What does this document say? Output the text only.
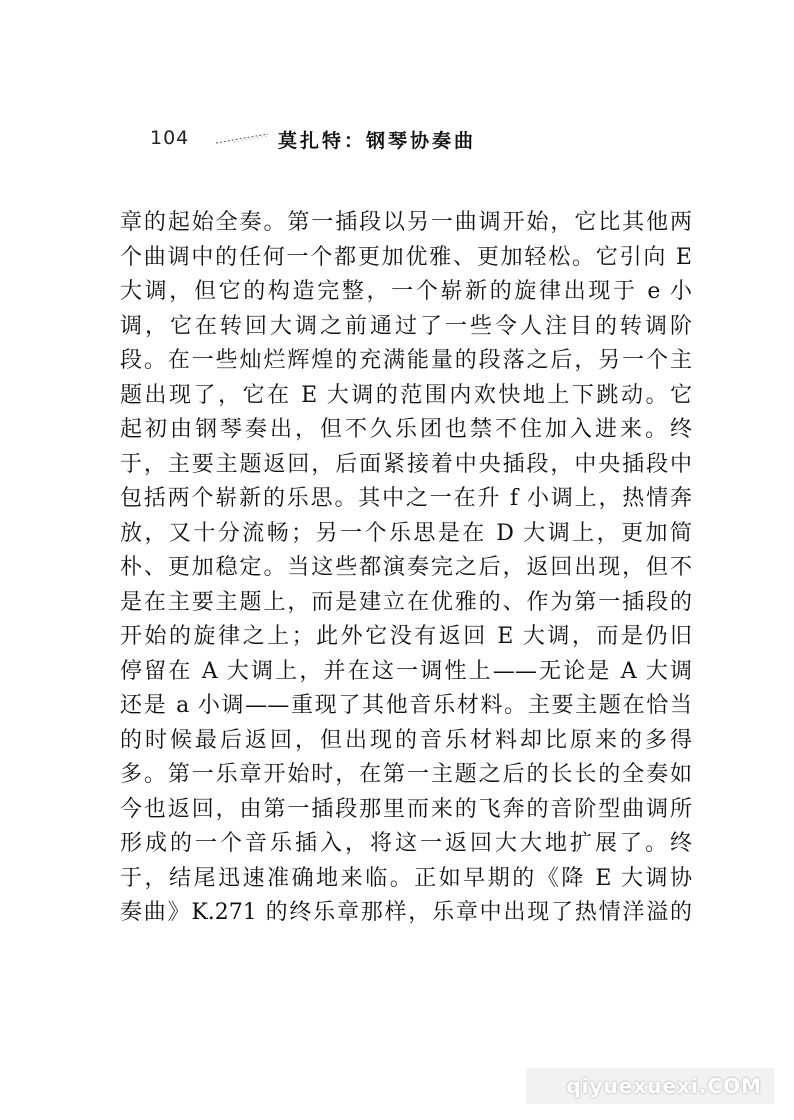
104	莫扎特：钢琴协奏曲
章的起始全奏。第一插段以另一曲调开始，它比其他两
个曲调中的任何一个都更加优雅、更加轻松。它引向 E
大调，但它的构造完整，一个崭新的旋律出现于 e 小
调，它在转回大调之前通过了一些令人注目的转调阶
段。在一些灿烂辉煌的充满能量的段落之后，另一个主
题出现了，它在 E 大调的范围内欢快地上下跳动。它
起初由钢琴奏出，但不久乐团也禁不住加入进来。终
于，主要主题返回，后面紧接着中央插段，中央插段中
包括两个崭新的乐思。其中之一在升 f 小调上，热情奔
放，又十分流畅；另一个乐思是在 D 大调上，更加简
朴、更加稳定。当这些都演奏完之后，返回出现，但不
是在主要主题上，而是建立在优雅的、作为第一插段的
开始的旋律之上；此外它没有返回 E 大调，而是仍旧
停留在 A 大调上，并在这一调性上——无论是 A 大调
还是 a 小调——重现了其他音乐材料。主要主题在恰当
的时候最后返回，但出现的音乐材料却比原来的多得
多。第一乐章开始时，在第一主题之后的长长的全奏如
今也返回，由第一插段那里而来的飞奔的音阶型曲调所
形成的一个音乐插入，将这一返回大大地扩展了。终
于，结尾迅速准确地来临。正如早期的《降 E 大调协
奏曲》K.271 的终乐章那样，乐章中出现了热情洋溢的
qiyuexuexi.COM
